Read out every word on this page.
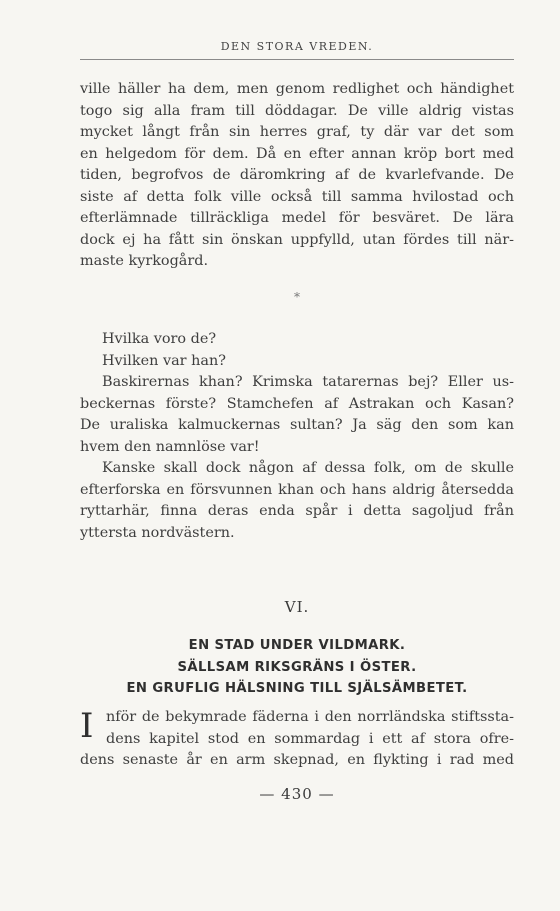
DEN STORA VREDEN.
ville häller ha dem, men genom redlighet och händighet
togo sig alla fram till döddagar. De ville aldrig vistas
mycket långt från sin herres graf, ty där var det som
en helgedom för dem. Då en efter annan kröp bort med
tiden, begrofvos de däromkring af de kvarlefvande. De
siste af detta folk ville också till samma hvilostad och
efterlämnade tillräckliga medel för besväret. De lära
dock ej ha fått sin önskan uppfylld, utan fördes till när-
maste kyrkogård.
*
Hvilka voro de?
Hvilken var han?
Baskirernas khan? Krimska tatarernas bej? Eller us-
beckernas förste? Stamchefen af Astrakan och Kasan?
De uraliska kalmuckernas sultan? Ja säg den som kan
hvem den namnlöse var!
Kanske skall dock någon af dessa folk, om de skulle
efterforska en försvunnen khan och hans aldrig återsedda
ryttarhär, finna deras enda spår i detta sagoljud från
yttersta nordvästern.
VI.
EN STAD UNDER VILDMARK.
SÄLLSAM RIKSGRÄNS I ÖSTER.
EN GRUFLIG HÄLSNING TILL SJÄLSÄMBETET.
I nför de bekymrade fäderna i den norrländska stiftssta-
dens kapitel stod en sommardag i ett af stora ofre-
dens senaste år en arm skepnad, en flykting i rad med
— 430 —
